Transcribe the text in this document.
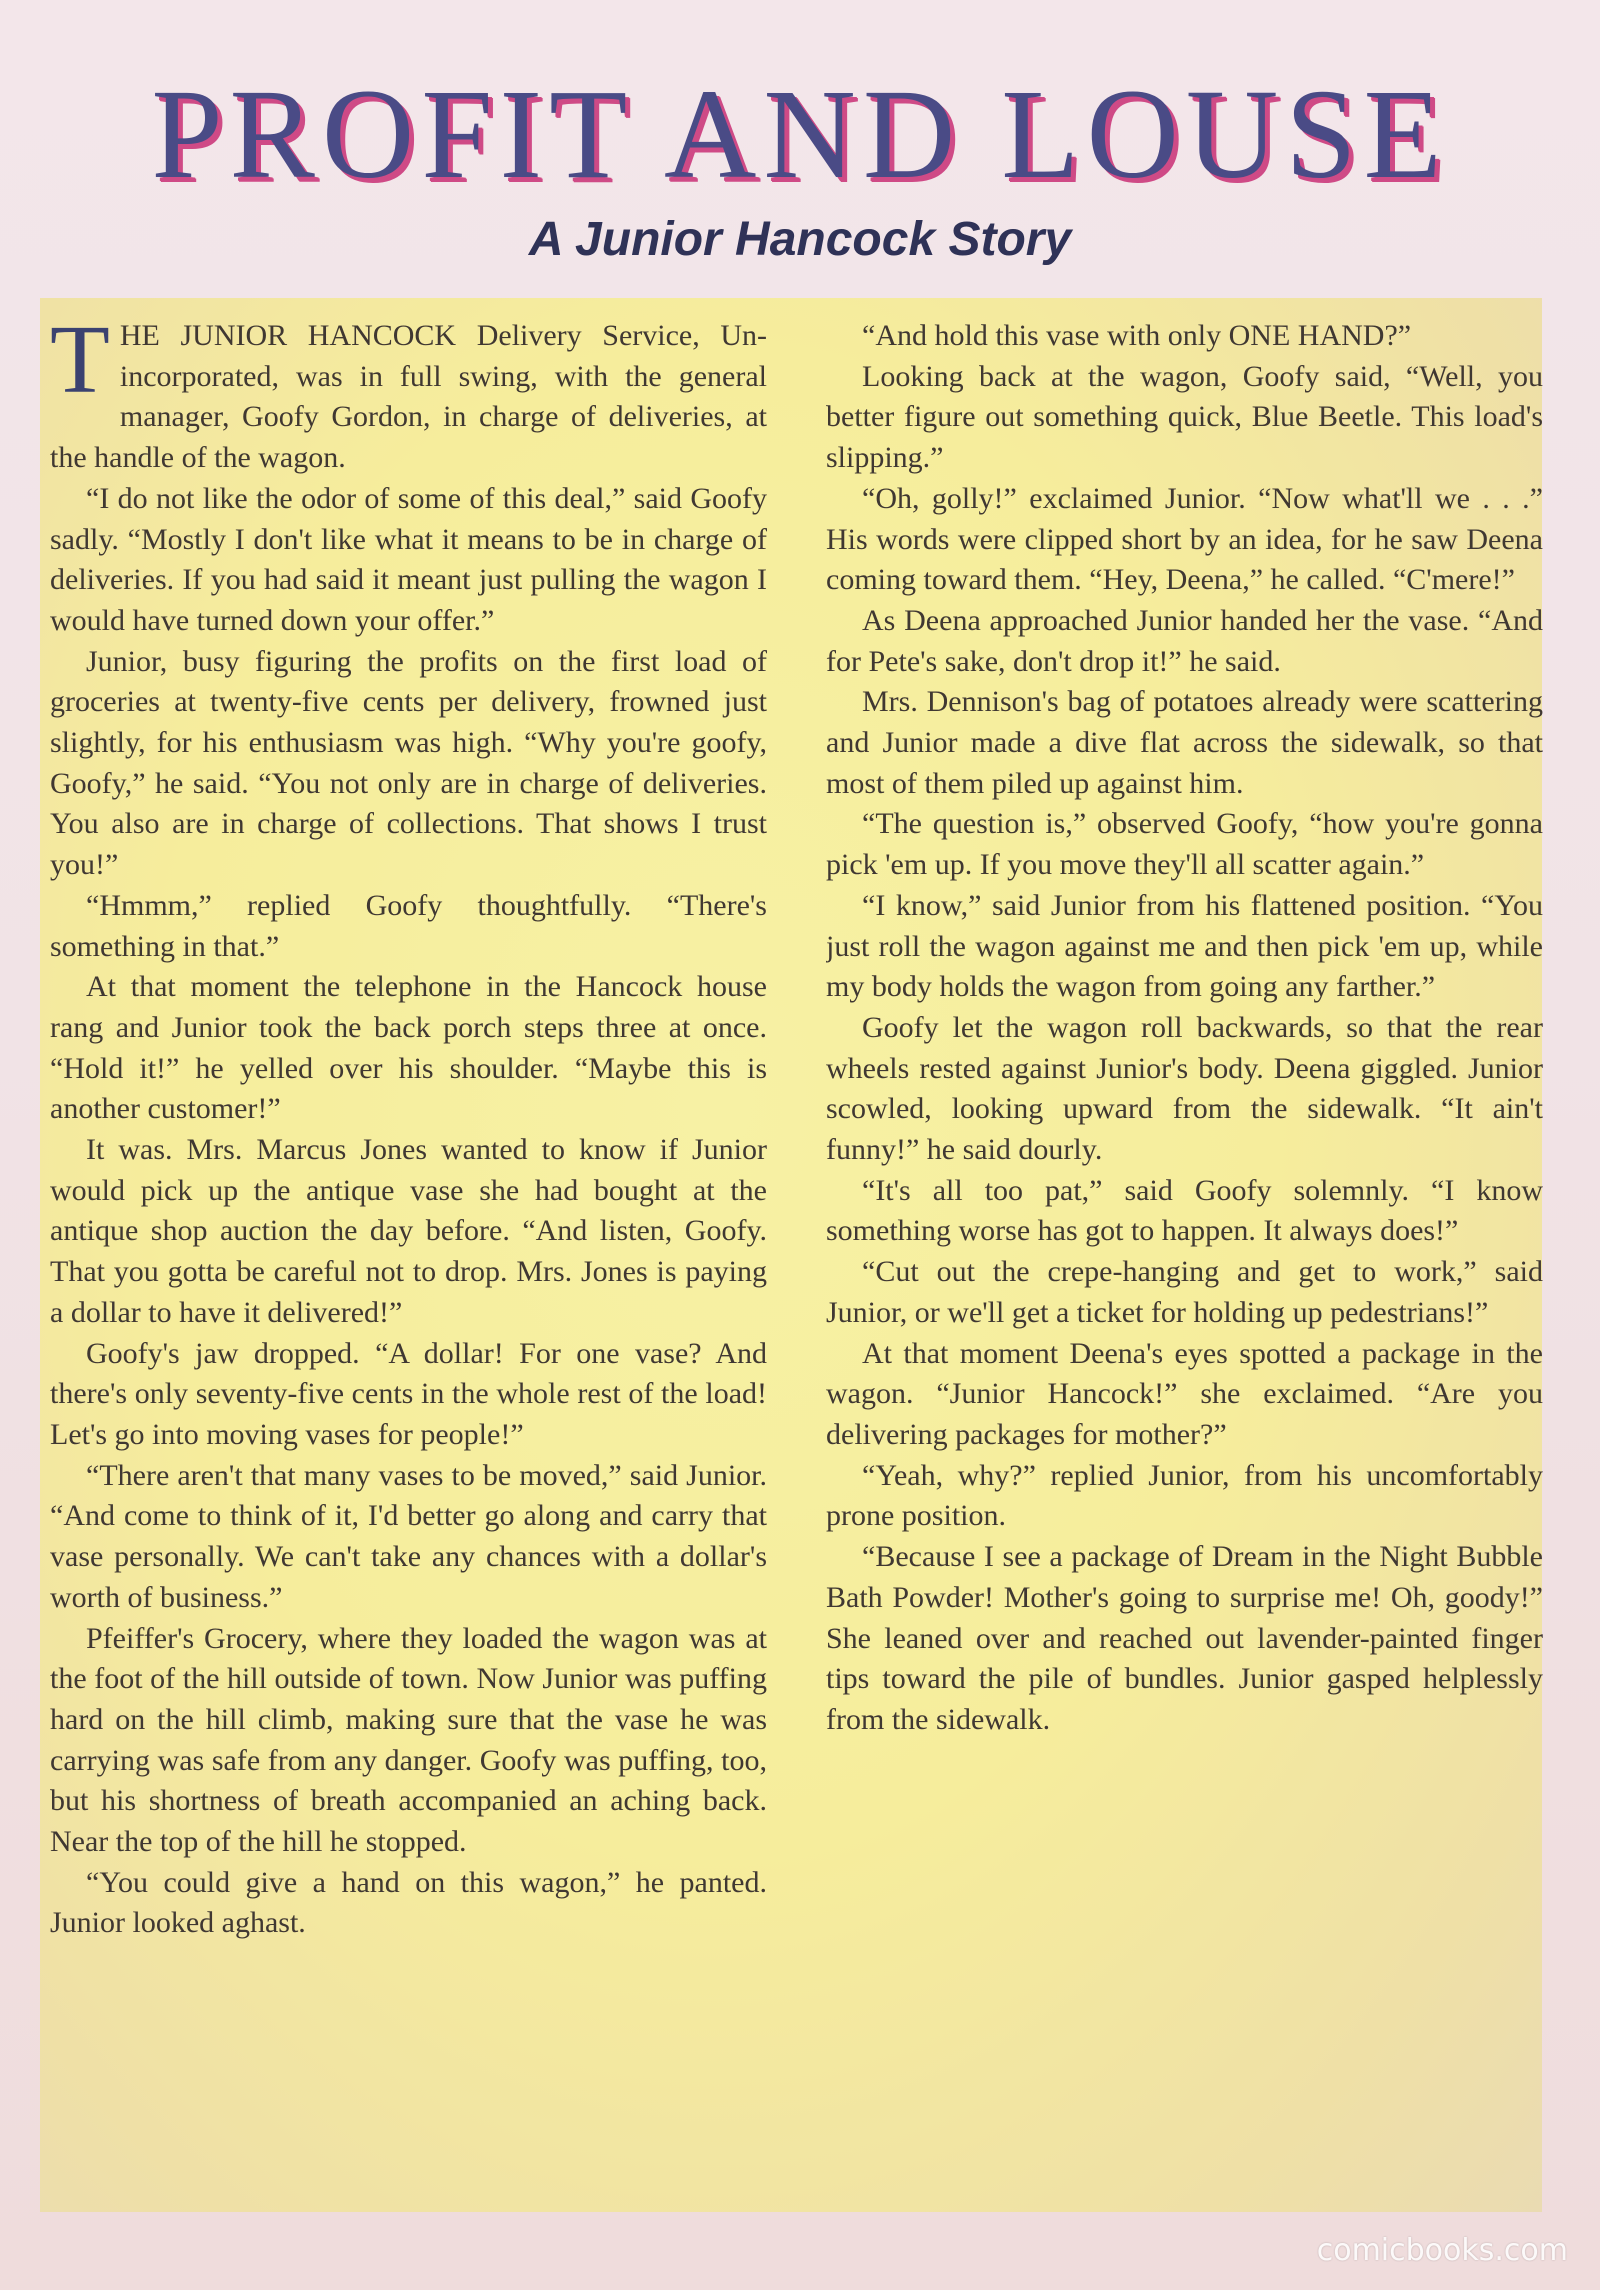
PROFIT AND LOUSE
A Junior Hancock Story

THE JUNIOR HANCOCK Delivery Service, Un-incorporated, was in full swing, with the general manager, Goofy Gordon, in charge of deliveries, at the handle of the wagon.

“I do not like the odor of some of this deal,” said Goofy sadly. “Mostly I don't like what it means to be in charge of deliveries. If you had said it meant just pulling the wagon I would have turned down your offer.”

Junior, busy figuring the profits on the first load of groceries at twenty-five cents per delivery, frowned just slightly, for his enthusiasm was high. “Why you're goofy, Goofy,” he said. “You not only are in charge of deliveries. You also are in charge of collections. That shows I trust you!”

“Hmmm,” replied Goofy thoughtfully. “There's something in that.”

At that moment the telephone in the Hancock house rang and Junior took the back porch steps three at once. “Hold it!” he yelled over his shoulder. “Maybe this is another customer!”

It was. Mrs. Marcus Jones wanted to know if Junior would pick up the antique vase she had bought at the antique shop auction the day before. “And listen, Goofy. That you gotta be careful not to drop. Mrs. Jones is paying a dollar to have it delivered!”

Goofy's jaw dropped. “A dollar! For one vase? And there's only seventy-five cents in the whole rest of the load! Let's go into moving vases for people!”

“There aren't that many vases to be moved,” said Junior. “And come to think of it, I'd better go along and carry that vase personally. We can't take any chances with a dollar's worth of business.”

Pfeiffer's Grocery, where they loaded the wagon was at the foot of the hill outside of town. Now Junior was puffing hard on the hill climb, making sure that the vase he was carrying was safe from any danger. Goofy was puffing, too, but his shortness of breath accompanied an aching back. Near the top of the hill he stopped.

“You could give a hand on this wagon,” he panted. Junior looked aghast.

“And hold this vase with only ONE HAND?”

Looking back at the wagon, Goofy said, “Well, you better figure out something quick, Blue Beetle. This load's slipping.”

“Oh, golly!” exclaimed Junior. “Now what'll we . . .” His words were clipped short by an idea, for he saw Deena coming toward them. “Hey, Deena,” he called. “C'mere!”

As Deena approached Junior handed her the vase. “And for Pete's sake, don't drop it!” he said.

Mrs. Dennison's bag of potatoes already were scattering and Junior made a dive flat across the sidewalk, so that most of them piled up against him.

“The question is,” observed Goofy, “how you're gonna pick 'em up. If you move they'll all scatter again.”

“I know,” said Junior from his flattened position. “You just roll the wagon against me and then pick 'em up, while my body holds the wagon from going any farther.”

Goofy let the wagon roll backwards, so that the rear wheels rested against Junior's body. Deena giggled. Junior scowled, looking upward from the sidewalk. “It ain't funny!” he said dourly.

“It's all too pat,” said Goofy solemnly. “I know something worse has got to happen. It always does!”

“Cut out the crepe-hanging and get to work,” said Junior, or we'll get a ticket for holding up pedestrians!”

At that moment Deena's eyes spotted a package in the wagon. “Junior Hancock!” she exclaimed. “Are you delivering packages for mother?”

“Yeah, why?” replied Junior, from his uncomfortably prone position.

“Because I see a package of Dream in the Night Bubble Bath Powder! Mother's going to surprise me! Oh, goody!” She leaned over and reached out lavender-painted finger tips toward the pile of bundles. Junior gasped helplessly from the sidewalk.

comicbooks.com
